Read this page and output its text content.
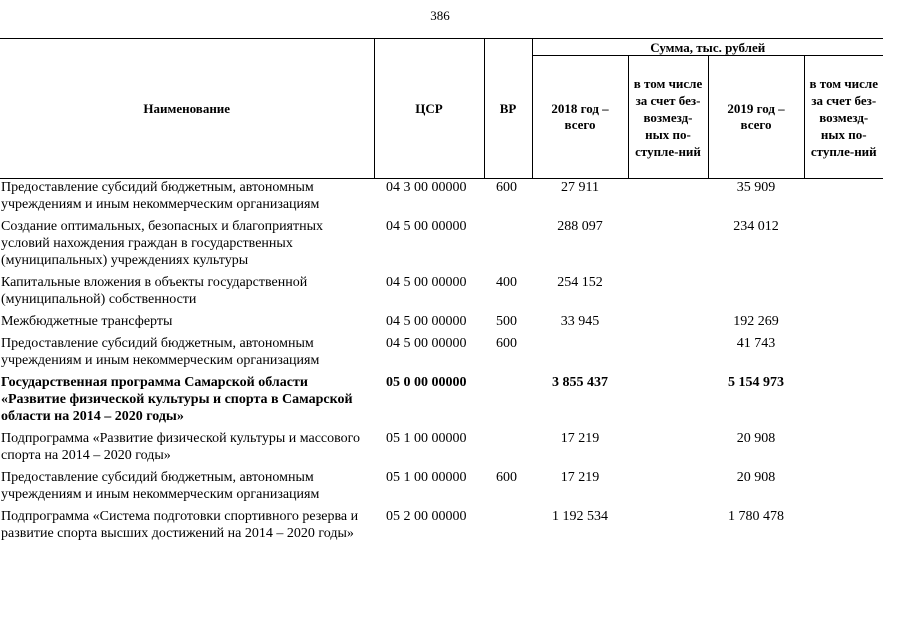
386
Наименование	ЦСР	ВР	Сумма, тыс. рублей			
			2018 год – всего	в том числе за счет без-возмезд-ных по-ступле-ний	2019 год – всего	в том числе за счет без-возмезд-ных по-ступле-ний
Предоставление субсидий бюджетным, автономным учреждениям и иным некоммерческим организациям	04 3 00 00000	600	27 911		35 909	
Создание оптимальных, безопасных и благоприятных условий нахождения граждан в государственных (муниципальных) учреждениях культуры	04 5 00 00000		288 097		234 012	
Капитальные вложения в объекты государственной (муниципальной) собственности	04 5 00 00000	400	254 152			
Межбюджетные трансферты	04 5 00 00000	500	33 945		192 269	
Предоставление субсидий бюджетным, автономным учреждениям и иным некоммерческим организациям	04 5 00 00000	600			41 743	
Государственная программа Самарской области «Развитие физической культуры и спорта в Самарской области на 2014 – 2020 годы»	05 0 00 00000		3 855 437		5 154 973	
Подпрограмма «Развитие физической культуры и массового спорта на 2014 – 2020 годы»	05 1 00 00000		17 219		20 908	
Предоставление субсидий бюджетным, автономным учреждениям и иным некоммерческим организациям	05 1 00 00000	600	17 219		20 908	
Подпрограмма «Система подготовки спортивного резерва и развитие спорта высших достижений на 2014 – 2020 годы»	05 2 00 00000		1 192 534		1 780 478	
